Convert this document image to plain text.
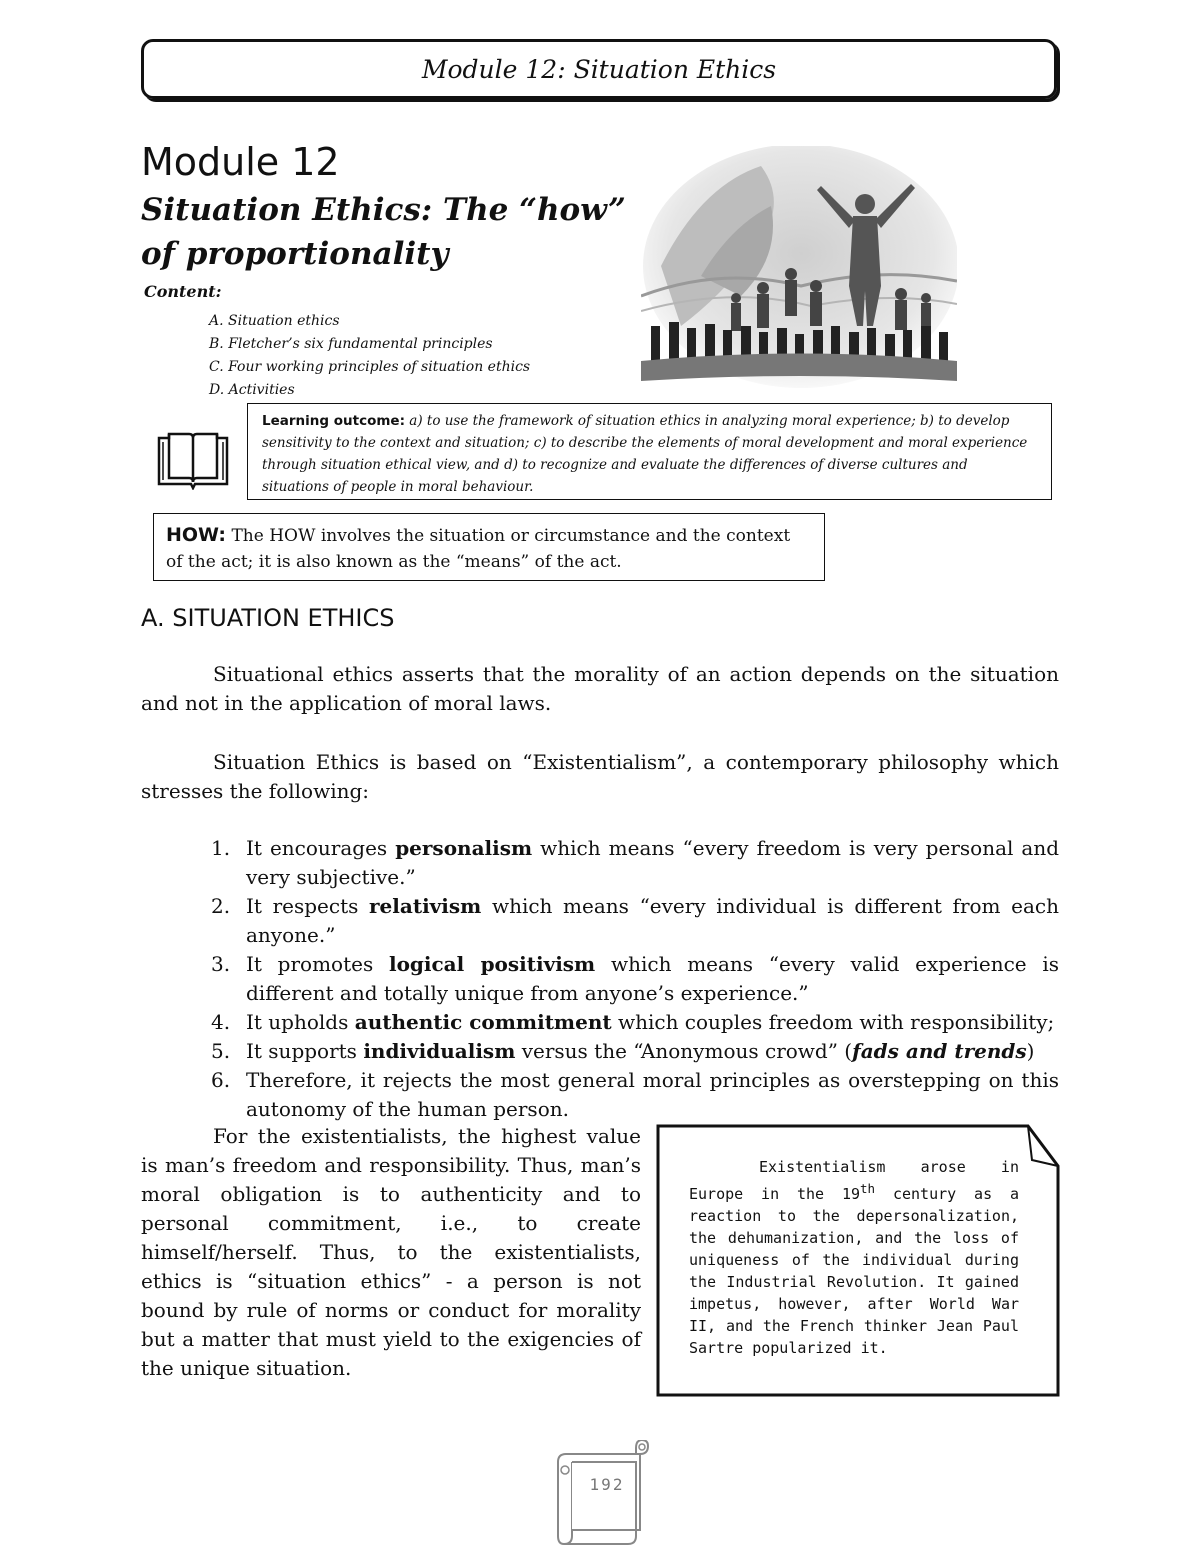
Module 12: Situation Ethics
Module 12
Situation Ethics: The “how” of proportionality
Content:
A. Situation ethics
B. Fletcher’s six fundamental principles
C. Four working principles of situation ethics
D. Activities
Learning outcome: a) to use the framework of situation ethics in analyzing moral experience; b) to develop sensitivity to the context and situation; c) to describe the elements of moral development and moral experience through situation ethical view, and d) to recognize and evaluate the differences of diverse cultures and situations of people in moral behaviour.
HOW: The HOW involves the situation or circumstance and the context of the act; it is also known as the “means” of the act.
A. SITUATION ETHICS
Situational ethics asserts that the morality of an action depends on the situation and not in the application of moral laws.
Situation Ethics is based on “Existentialism”, a contemporary philosophy which stresses the following:
1. It encourages personalism which means “every freedom is very personal and very subjective.”
2. It respects relativism which means “every individual is different from each anyone.”
3. It promotes logical positivism which means “every valid experience is different and totally unique from anyone’s experience.”
4. It upholds authentic commitment which couples freedom with responsibility;
5. It supports individualism versus the “Anonymous crowd” (fads and trends)
6. Therefore, it rejects the most general moral principles as overstepping on this autonomy of the human person.
For the existentialists, the highest value is man’s freedom and responsibility. Thus, man’s moral obligation is to authenticity and to personal commitment, i.e., to create himself/herself. Thus, to the existentialists, ethics is “situation ethics” - a person is not bound by rule of norms or conduct for morality but a matter that must yield to the exigencies of the unique situation.
Existentialism arose in Europe in the 19th century as a reaction to the depersonalization, the dehumanization, and the loss of uniqueness of the individual during the Industrial Revolution. It gained impetus, however, after World War II, and the French thinker Jean Paul Sartre popularized it.
192
